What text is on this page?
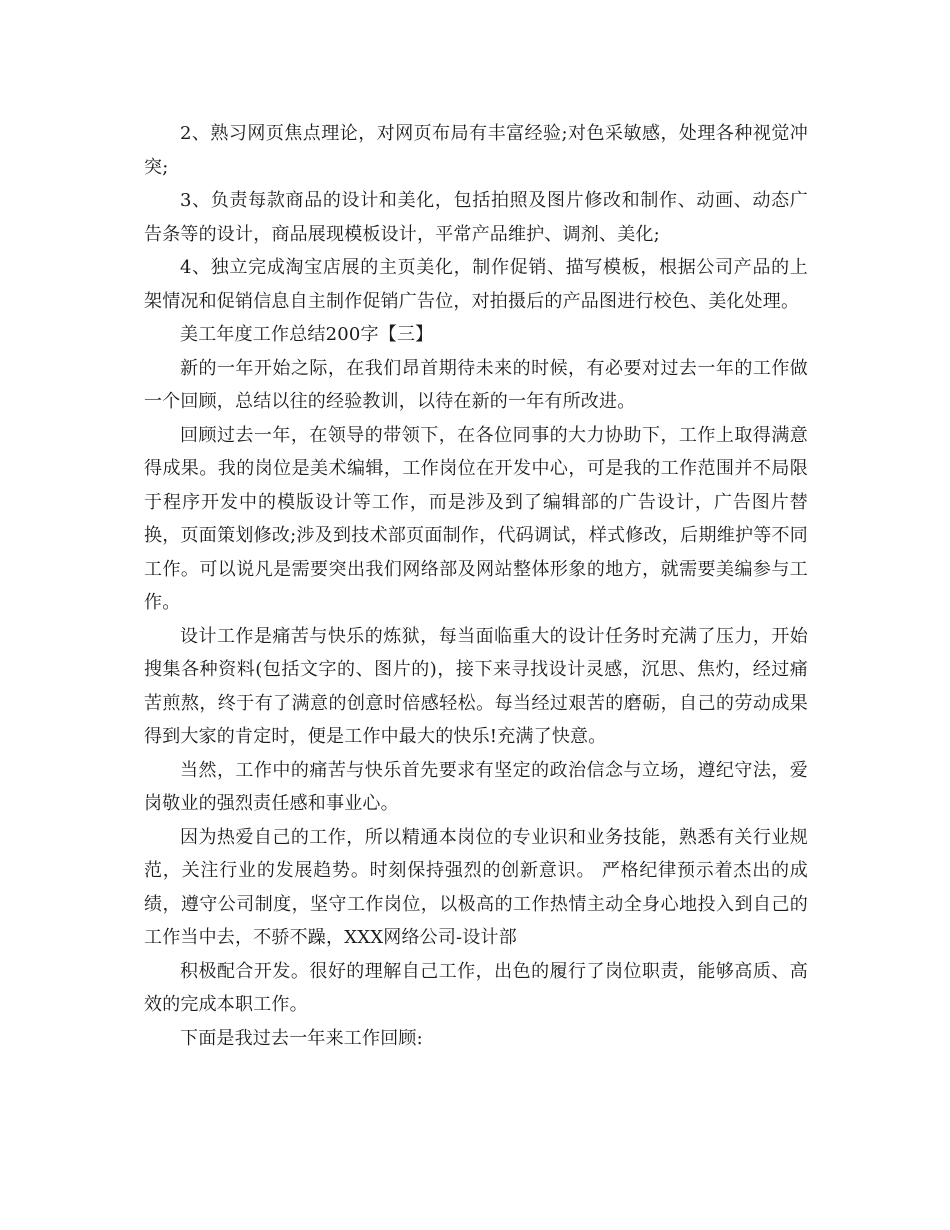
2、熟习网页焦点理论，对网页布局有丰富经验;对色采敏感，处理各种视觉冲突;

3、负责每款商品的设计和美化，包括拍照及图片修改和制作、动画、动态广告条等的设计，商品展现模板设计，平常产品维护、调剂、美化;

4、独立完成淘宝店展的主页美化，制作促销、描写模板，根据公司产品的上架情况和促销信息自主制作促销广告位，对拍摄后的产品图进行校色、美化处理。

美工年度工作总结200字【三】

新的一年开始之际，在我们昂首期待未来的时候，有必要对过去一年的工作做一个回顾，总结以往的经验教训，以待在新的一年有所改进。

回顾过去一年，在领导的带领下，在各位同事的大力协助下，工作上取得满意得成果。我的岗位是美术编辑，工作岗位在开发中心，可是我的工作范围并不局限于程序开发中的模版设计等工作，而是涉及到了编辑部的广告设计，广告图片替换，页面策划修改;涉及到技术部页面制作，代码调试，样式修改，后期维护等不同工作。可以说凡是需要突出我们网络部及网站整体形象的地方，就需要美编参与工作。

设计工作是痛苦与快乐的炼狱，每当面临重大的设计任务时充满了压力，开始搜集各种资料(包括文字的、图片的)，接下来寻找设计灵感，沉思、焦灼，经过痛苦煎熬，终于有了满意的创意时倍感轻松。每当经过艰苦的磨砺，自己的劳动成果得到大家的肯定时，便是工作中最大的快乐!充满了快意。

当然，工作中的痛苦与快乐首先要求有坚定的政治信念与立场，遵纪守法，爱岗敬业的强烈责任感和事业心。

因为热爱自己的工作，所以精通本岗位的专业识和业务技能，熟悉有关行业规范，关注行业的发展趋势。时刻保持强烈的创新意识。 严格纪律预示着杰出的成绩，遵守公司制度，坚守工作岗位，以极高的工作热情主动全身心地投入到自己的工作当中去，不骄不躁，XXX网络公司-设计部

积极配合开发。很好的理解自己工作，出色的履行了岗位职责，能够高质、高效的完成本职工作。

下面是我过去一年来工作回顾:
